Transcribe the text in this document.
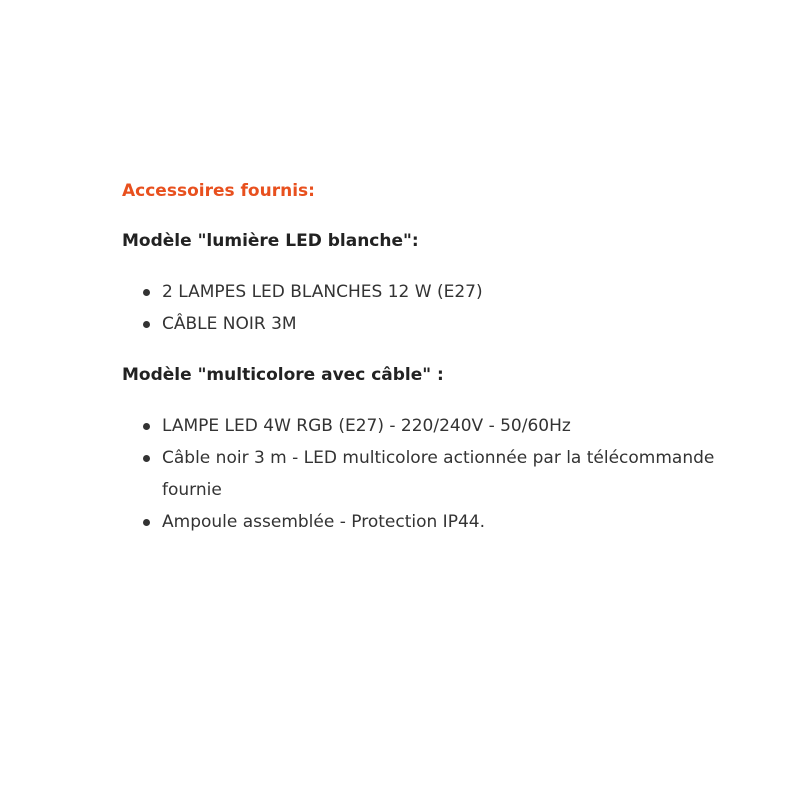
Accessoires fournis:
Modèle "lumière LED blanche":
2 LAMPES LED BLANCHES 12 W (E27)
CÂBLE NOIR 3M
Modèle "multicolore avec câble" :
LAMPE LED 4W RGB (E27) - 220/240V - 50/60Hz
Câble noir 3 m - LED multicolore actionnée par la télécommande fournie
Ampoule assemblée - Protection IP44.
